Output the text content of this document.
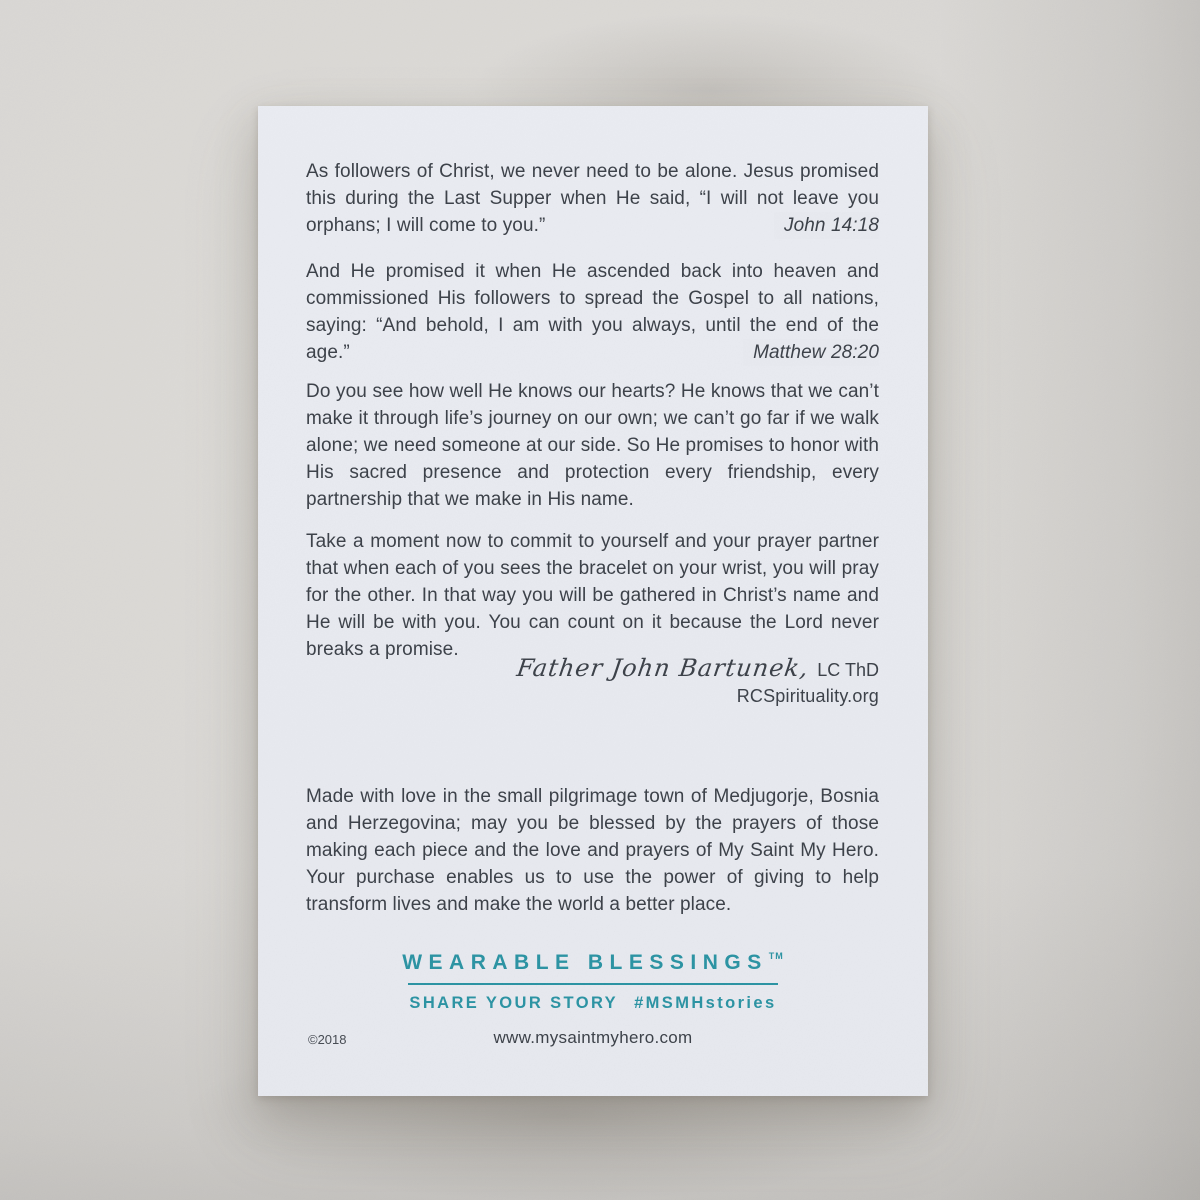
As followers of Christ, we never need to be alone. Jesus promised this during the Last Supper when He said, “I will not leave you orphans; I will come to you.”	John 14:18

And He promised it when He ascended back into heaven and commissioned His followers to spread the Gospel to all nations, saying: “And behold, I am with you always, until the end of the age.”	Matthew 28:20

Do you see how well He knows our hearts? He knows that we can’t make it through life’s journey on our own; we can’t go far if we walk alone; we need someone at our side. So He promises to honor with His sacred presence and protection every friendship, every partnership that we make in His name.

Take a moment now to commit to yourself and your prayer partner that when each of you sees the bracelet on your wrist, you will pray for the other. In that way you will be gathered in Christ’s name and He will be with you. You can count on it because the Lord never breaks a promise.

Father John Bartunek, LC ThD
RCSpirituality.org

Made with love in the small pilgrimage town of Medjugorje, Bosnia and Herzegovina; may you be blessed by the prayers of those making each piece and the love and prayers of My Saint My Hero. Your purchase enables us to use the power of giving to help transform lives and make the world a better place.

WEARABLE BLESSINGS™
SHARE YOUR STORY #MSMHstories
©2018	www.mysaintmyhero.com
